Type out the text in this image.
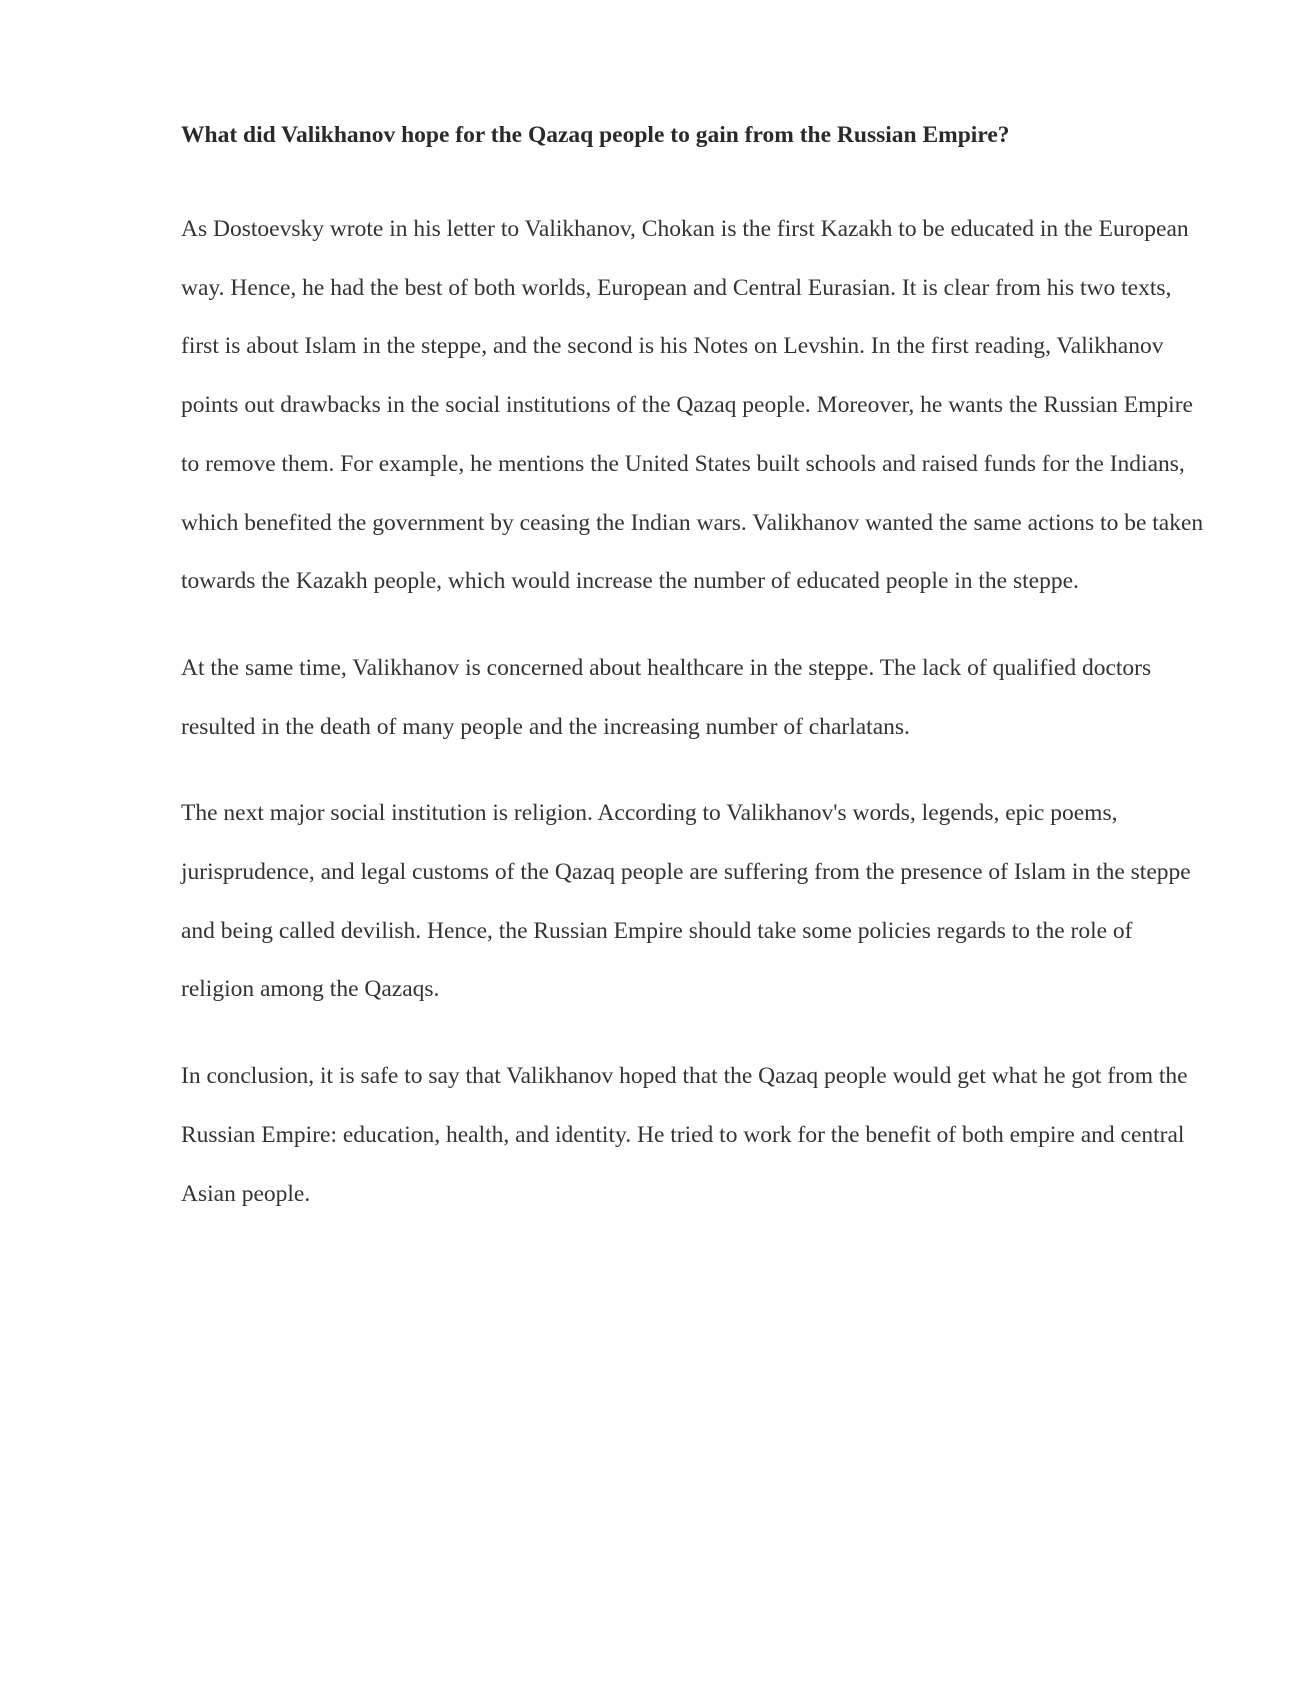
What did Valikhanov hope for the Qazaq people to gain from the Russian Empire?

As Dostoevsky wrote in his letter to Valikhanov, Chokan is the first Kazakh to be educated in the European way. Hence, he had the best of both worlds, European and Central Eurasian. It is clear from his two texts, first is about Islam in the steppe, and the second is his Notes on Levshin. In the first reading, Valikhanov points out drawbacks in the social institutions of the Qazaq people. Moreover, he wants the Russian Empire to remove them. For example, he mentions the United States built schools and raised funds for the Indians, which benefited the government by ceasing the Indian wars. Valikhanov wanted the same actions to be taken towards the Kazakh people, which would increase the number of educated people in the steppe.

At the same time, Valikhanov is concerned about healthcare in the steppe. The lack of qualified doctors resulted in the death of many people and the increasing number of charlatans.

The next major social institution is religion. According to Valikhanov's words, legends, epic poems, jurisprudence, and legal customs of the Qazaq people are suffering from the presence of Islam in the steppe and being called devilish. Hence, the Russian Empire should take some policies regards to the role of religion among the Qazaqs.

In conclusion, it is safe to say that Valikhanov hoped that the Qazaq people would get what he got from the Russian Empire: education, health, and identity. He tried to work for the benefit of both empire and central Asian people.
